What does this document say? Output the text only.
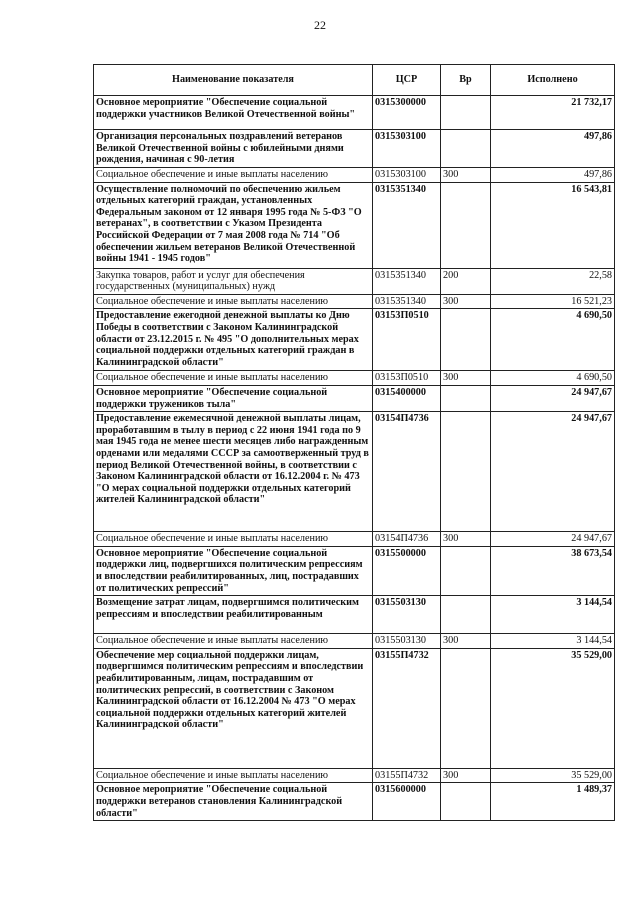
22
Наименование показателя	ЦСР	Вр	Исполнено
Основное мероприятие "Обеспечение социальной поддержки участников Великой Отечественной войны"	0315300000		21 732,17
Организация персональных поздравлений ветеранов Великой Отечественной войны с юбилейными днями рождения, начиная с 90-летия	0315303100		497,86
Социальное обеспечение и иные выплаты населению	0315303100	300	497,86
Осуществление полномочий по обеспечению жильем отдельных категорий граждан, установленных Федеральным законом от 12 января 1995 года № 5-ФЗ "О ветеранах", в соответствии с Указом Президента Российской Федерации от 7 мая 2008 года № 714 "Об обеспечении жильем ветеранов Великой Отечественной войны 1941 - 1945 годов"	0315351340		16 543,81
Закупка товаров, работ и услуг для обеспечения государственных (муниципальных) нужд	0315351340	200	22,58
Социальное обеспечение и иные выплаты населению	0315351340	300	16 521,23
Предоставление ежегодной денежной выплаты ко Дню Победы в соответствии с Законом Калининградской области от 23.12.2015 г. № 495 "О дополнительных мерах социальной поддержки отдельных категорий граждан в Калининградской области"	03153П0510		4 690,50
Социальное обеспечение и иные выплаты населению	03153П0510	300	4 690,50
Основное мероприятие "Обеспечение социальной поддержки тружеников тыла"	0315400000		24 947,67
Предоставление ежемесячной денежной выплаты лицам, проработавшим в тылу в период с 22 июня 1941 года по 9 мая 1945 года не менее шести месяцев либо награжденным орденами или медалями СССР за самоотверженный труд в период Великой Отечественной войны, в соответствии с Законом Калининградской области от 16.12.2004 г. № 473 "О мерах социальной поддержки отдельных категорий жителей Калининградской области"	03154П4736		24 947,67
Социальное обеспечение и иные выплаты населению	03154П4736	300	24 947,67
Основное мероприятие "Обеспечение социальной поддержки лиц, подвергшихся политическим репрессиям и впоследствии реабилитированных, лиц, пострадавших от политических репрессий"	0315500000		38 673,54
Возмещение затрат лицам, подвергшимся политическим репрессиям и впоследствии реабилитированным	0315503130		3 144,54
Социальное обеспечение и иные выплаты населению	0315503130	300	3 144,54
Обеспечение мер социальной поддержки лицам, подвергшимся политическим репрессиям и впоследствии реабилитированным, лицам, пострадавшим от политических репрессий, в соответствии с Законом Калининградской области от 16.12.2004 № 473 "О мерах социальной поддержки отдельных категорий жителей Калининградской области"	03155П4732		35 529,00
Социальное обеспечение и иные выплаты населению	03155П4732	300	35 529,00
Основное мероприятие "Обеспечение социальной поддержки ветеранов становления Калининградской области"	0315600000		1 489,37
